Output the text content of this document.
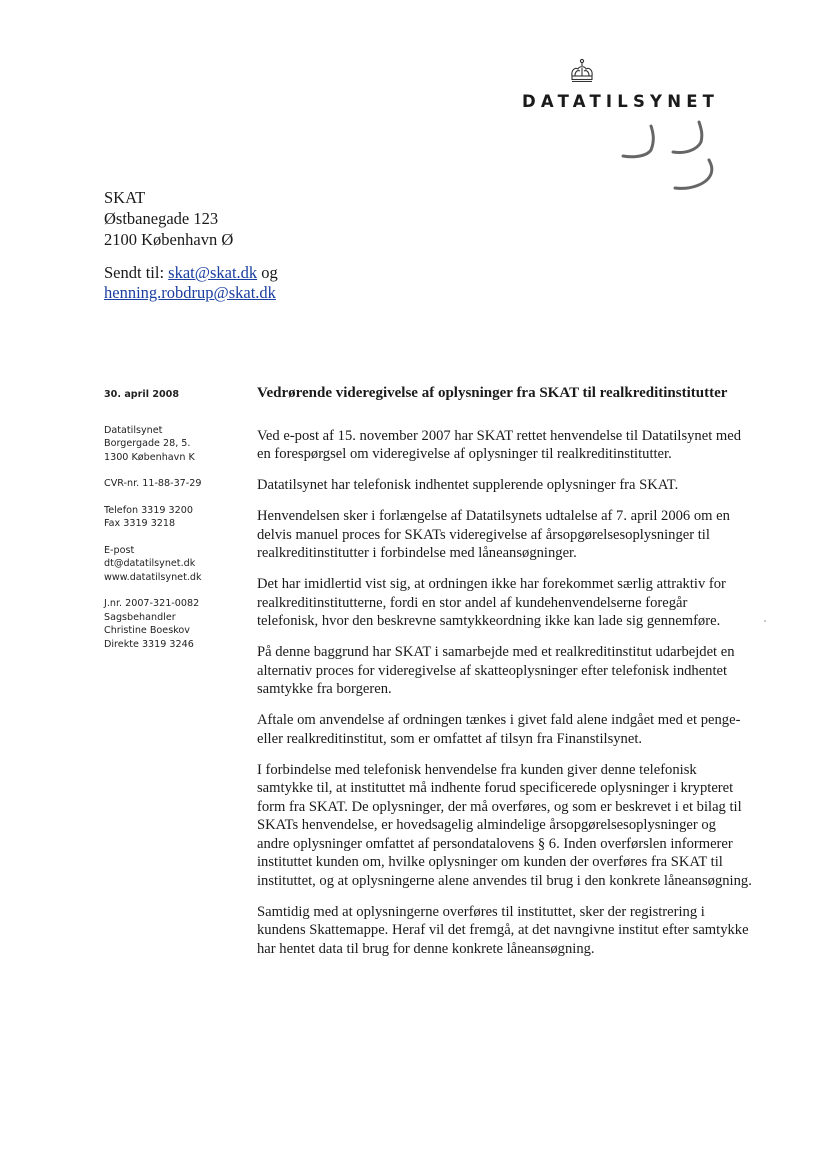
DATATILSYNET
SKAT
Østbanegade 123
2100 København Ø
Sendt til: skat@skat.dk og
henning.robdrup@skat.dk
30. april 2008
Datatilsynet
Borgergade 28, 5.
1300 København K
CVR-nr. 11-88-37-29
Telefon 3319 3200
Fax 3319 3218
E-post
dt@datatilsynet.dk
www.datatilsynet.dk
J.nr. 2007-321-0082
Sagsbehandler
Christine Boeskov
Direkte 3319 3246
Vedrørende videregivelse af oplysninger fra SKAT til realkreditinstitutter

Ved e-post af 15. november 2007 har SKAT rettet henvendelse til Datatilsynet med en forespørgsel om videregivelse af oplysninger til realkreditinstitutter.

Datatilsynet har telefonisk indhentet supplerende oplysninger fra SKAT.

Henvendelsen sker i forlængelse af Datatilsynets udtalelse af 7. april 2006 om en delvis manuel proces for SKATs videregivelse af årsopgørelsesoplysninger til realkreditinstitutter i forbindelse med låneansøgninger.

Det har imidlertid vist sig, at ordningen ikke har forekommet særlig attraktiv for realkreditinstitutterne, fordi en stor andel af kundehenvendelserne foregår telefonisk, hvor den beskrevne samtykkeordning ikke kan lade sig gennemføre.

På denne baggrund har SKAT i samarbejde med et realkreditinstitut udarbejdet en alternativ proces for videregivelse af skatteoplysninger efter telefonisk indhentet samtykke fra borgeren.

Aftale om anvendelse af ordningen tænkes i givet fald alene indgået med et penge- eller realkreditinstitut, som er omfattet af tilsyn fra Finanstilsynet.

I forbindelse med telefonisk henvendelse fra kunden giver denne telefonisk samtykke til, at instituttet må indhente forud specificerede oplysninger i krypteret form fra SKAT. De oplysninger, der må overføres, og som er beskrevet i et bilag til SKATs henvendelse, er hovedsagelig almindelige årsopgørelsesoplysninger og andre oplysninger omfattet af persondatalovens § 6. Inden overførslen informerer instituttet kunden om, hvilke oplysninger om kunden der overføres fra SKAT til instituttet, og at oplysningerne alene anvendes til brug i den konkrete låneansøgning.

Samtidig med at oplysningerne overføres til instituttet, sker der registrering i kundens Skattemappe. Heraf vil det fremgå, at det navngivne institut efter samtykke har hentet data til brug for denne konkrete låneansøgning.
